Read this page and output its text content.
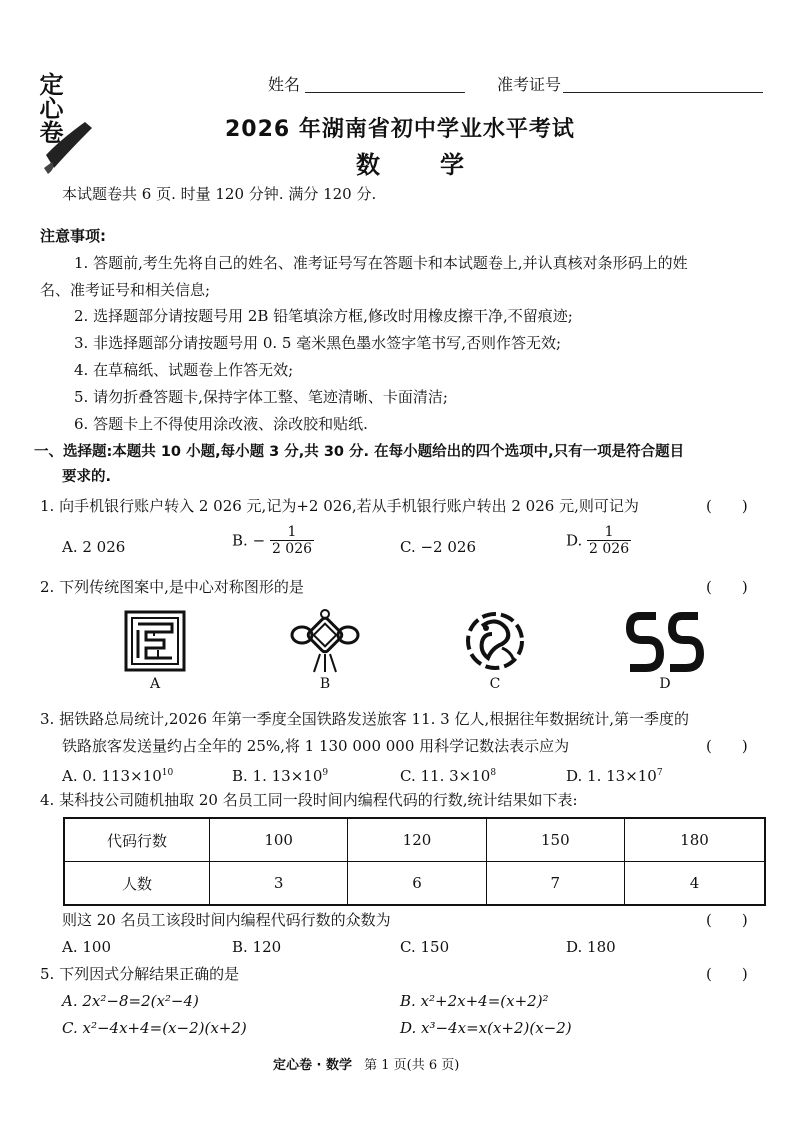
定心卷	姓名	准考证号
2026 年湖南省初中学业水平考试
数　学
本试题卷共 6 页. 时量 120 分钟. 满分 120 分.
注意事项:
1. 答题前,考生先将自己的姓名、准考证号写在答题卡和本试题卷上,并认真核对条形码上的姓
名、准考证号和相关信息;
2. 选择题部分请按题号用 2B 铅笔填涂方框,修改时用橡皮擦干净,不留痕迹;
3. 非选择题部分请按题号用 0. 5 毫米黑色墨水签字笔书写,否则作答无效;
4. 在草稿纸、试题卷上作答无效;
5. 请勿折叠答题卡,保持字体工整、笔迹清晰、卡面清洁;
6. 答题卡上不得使用涂改液、涂改胶和贴纸.
一、选择题:本题共 10 小题,每小题 3 分,共 30 分. 在每小题给出的四个选项中,只有一项是符合题目
要求的.
1. 向手机银行账户转入 2 026 元,记为+2 026,若从手机银行账户转出 2 026 元,则可记为	(　　)
A. 2 026	B. − $\frac{1}{2 026}$	C. −2 026	D. $\frac{1}{2 026}$
2. 下列传统图案中,是中心对称图形的是	(　　)
A	B	C	D
3. 据铁路总局统计,2026 年第一季度全国铁路发送旅客 11. 3 亿人,根据往年数据统计,第一季度的
铁路旅客发送量约占全年的 25%,将 1 130 000 000 用科学记数法表示应为	(　　)
A. 0. $113\times 10^{10}$	B. 1. $13\times 10^9$	C. 11. $3\times 10^8$	D. 1. $13\times 10^7$
4. 某科技公司随机抽取 20 名员工同一段时间内编程代码的行数,统计结果如下表:
代码行数	100	120	150	180
人数	3	6	7	4
则这 20 名员工该段时间内编程代码行数的众数为	(　　)
A. 100	B. 120	C. 150	D. 180
5. 下列因式分解结果正确的是	(　　)
A. 2x²−8=2(x²−4)	B. x²+2x+4=(x+2)²
C. x²−4x+4=(x−2)(x+2)	D. x³−4x=x(x+2)(x−2)
定心卷 · 数学 第 1 页(共 6 页)
